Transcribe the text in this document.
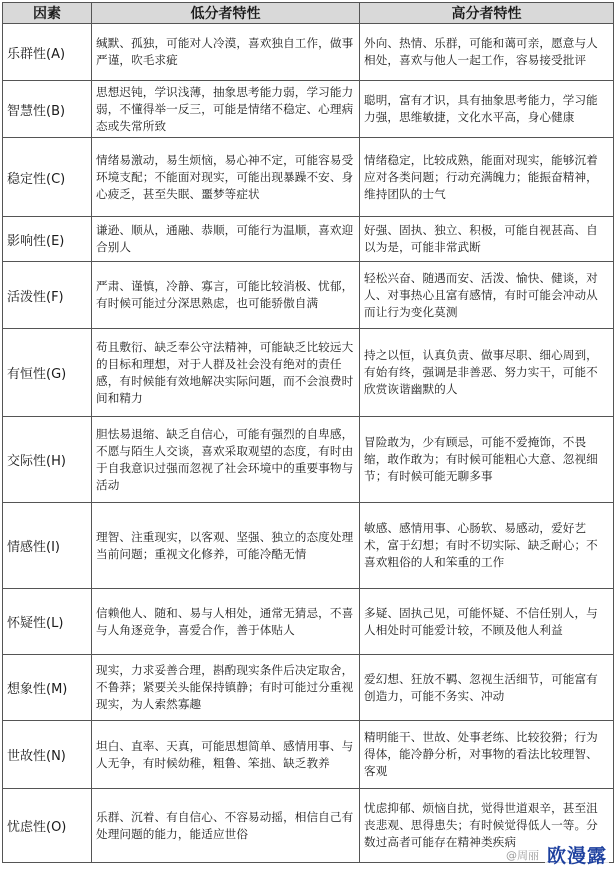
因素	低分者特性	高分者特性
乐群性(A)	缄默、孤独，可能对人冷漠，喜欢独自工作，做事严谨，吹毛求疵	外向、热情、乐群，可能和蔼可亲，愿意与人相处，喜欢与他人一起工作，容易接受批评
智慧性(B)	思想迟钝，学识浅薄，抽象思考能力弱，学习能力弱，不懂得举一反三，可能是情绪不稳定、心理病态或失常所致	聪明，富有才识，具有抽象思考能力，学习能力强，思维敏捷，文化水平高，身心健康
稳定性(C)	情绪易激动，易生烦恼，易心神不定，可能容易受环境支配；不能面对现实，可能出现暴躁不安、身心疲乏，甚至失眠、噩梦等症状	情绪稳定，比较成熟，能面对现实，能够沉着应对各类问题；行动充满魄力；能振奋精神，维持团队的士气
影响性(E)	谦逊、顺从，通融、恭顺，可能行为温顺，喜欢迎合别人	好强、固执、独立、积极，可能自视甚高、自以为是，可能非常武断
活泼性(F)	严肃、谨慎，冷静、寡言，可能比较消极、忧郁，有时候可能过分深思熟虑，也可能骄傲自满	轻松兴奋、随遇而安、活泼、愉快、健谈，对人、对事热心且富有感情，有时可能会冲动从而让行为变化莫测
有恒性(G)	苟且敷衍、缺乏奉公守法精神，可能缺乏比较远大的目标和理想，对于人群及社会没有绝对的责任感，有时候能有效地解决实际问题，而不会浪费时间和精力	持之以恒，认真负责、做事尽职、细心周到，有始有终，强调是非善恶、努力实干，可能不欣赏诙谐幽默的人
交际性(H)	胆怯易退缩、缺乏自信心，可能有强烈的自卑感，不愿与陌生人交谈，喜欢采取观望的态度，有时由于自我意识过强而忽视了社会环境中的重要事物与活动	冒险敢为，少有顾忌，可能不爱掩饰，不畏缩，敢作敢为；有时候可能粗心大意、忽视细节；有时候可能无聊多事
情感性(I)	理智、注重现实，以客观、坚强、独立的态度处理当前问题；重视文化修养，可能冷酷无情	敏感、感情用事、心肠软、易感动，爱好艺术，富于幻想；有时不切实际、缺乏耐心；不喜欢粗俗的人和笨重的工作
怀疑性(L)	信赖他人、随和、易与人相处，通常无猜忌，不喜与人角逐竞争，喜爱合作，善于体贴人	多疑、固执己见，可能怀疑、不信任别人，与人相处时可能爱计较，不顾及他人利益
想象性(M)	现实，力求妥善合理，斟酌现实条件后决定取舍，不鲁莽；紧要关头能保持镇静；有时可能过分重视现实，为人索然寡趣	爱幻想、狂放不羁、忽视生活细节，可能富有创造力，可能不务实、冲动
世故性(N)	坦白、直率、天真，可能思想简单、感情用事、与人无争，有时候幼稚，粗鲁、笨拙、缺乏教养	精明能干、世故、处事老练、比较狡猾；行为得体，能冷静分析，对事物的看法比较理智、客观
忧虑性(O)	乐群、沉着、有自信心、不容易动摇，相信自己有处理问题的能力，能适应世俗	忧虑抑郁、烦恼自扰，觉得世道艰辛，甚至沮丧悲观、思得患失；有时候觉得低人一等。分数过高者可能存在精神类疾病
@周丽 欧漫露
